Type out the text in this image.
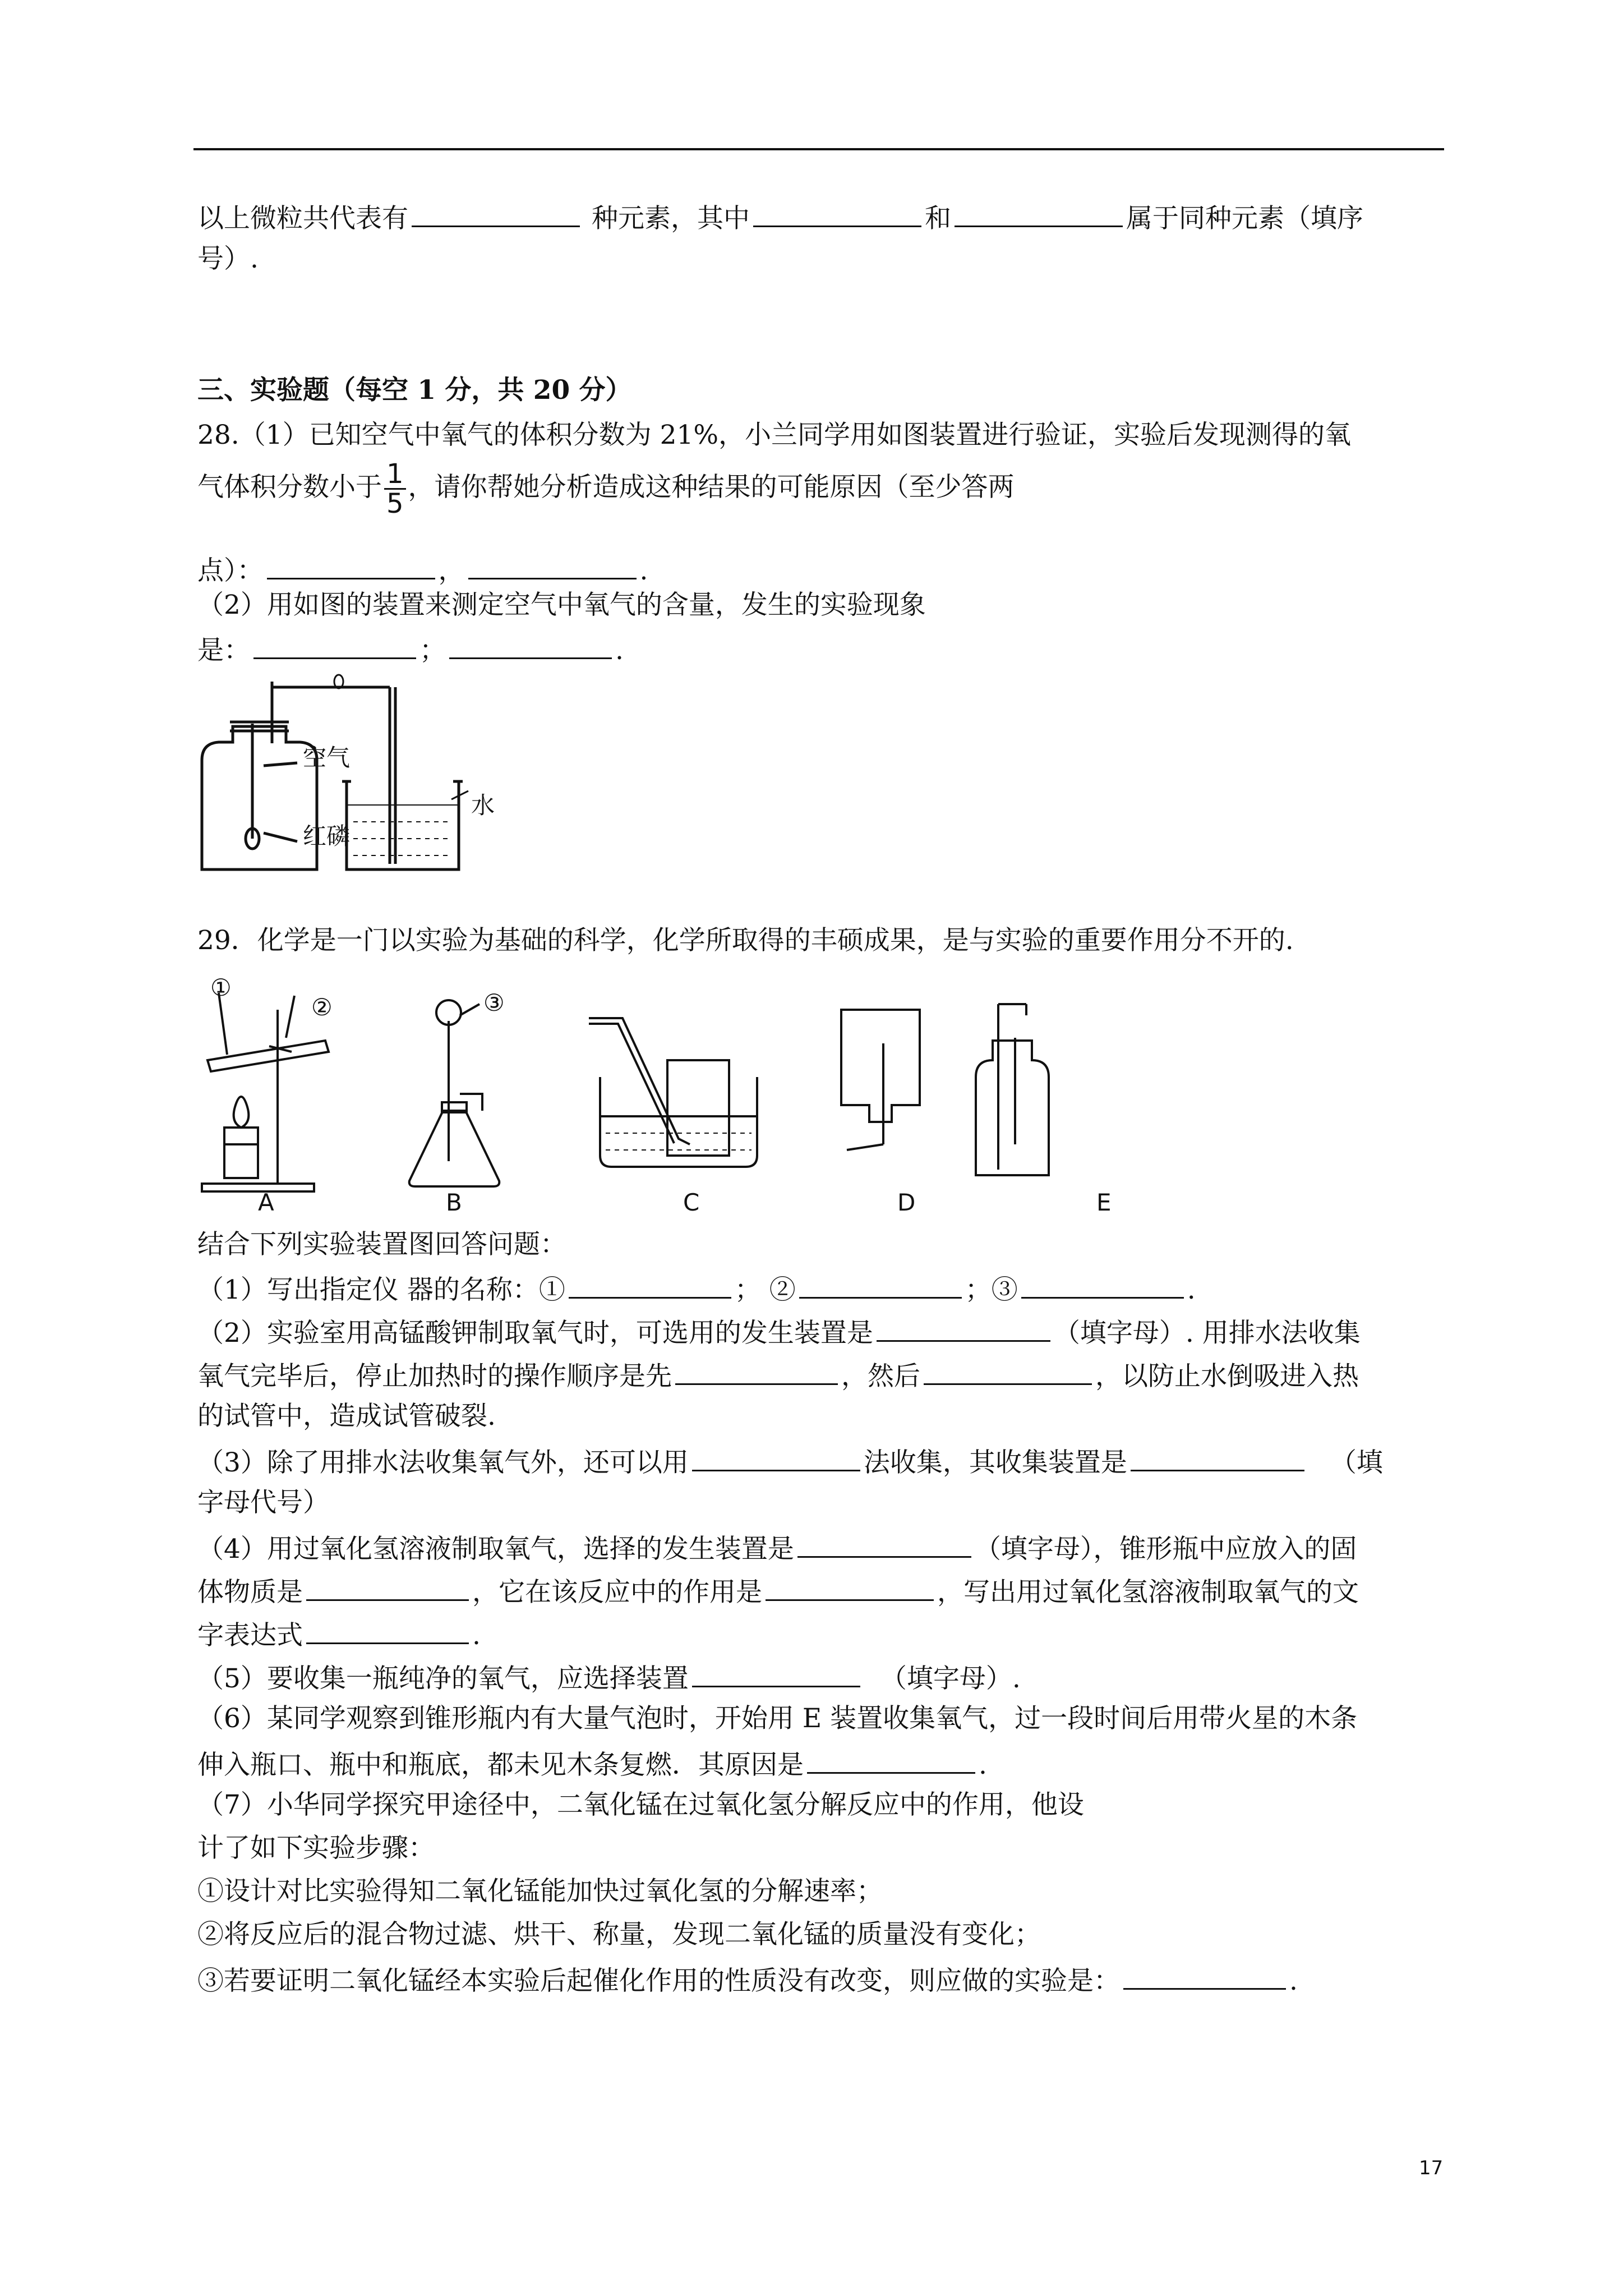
以上微粒共代表有	种元素，其中	和	属于同种元素（填序
号）.
三、实验题（每空 1 分，共 20 分）
28.（1）已知空气中氧气的体积分数为 21%，小兰同学用如图装置进行验证，实验后发现测得的氧
气体积分数小于 $\frac{1}{5}$ ，请你帮她分析造成这种结果的可能原因（至少答两
点）：	，	.
（2）用如图的装置来测定空气中氧气的含量，发生的实验现象
是：	；	.
空气
红磷
水
29．化学是一门以实验为基础的科学，化学所取得的丰硕成果，是与实验的重要作用分不开的.
①
②	③
A	B	C	D	E
结合下列实验装置图回答问题：
（1）写出指定仪 器的名称：①	； ②	；③	.
（2）实验室用高锰酸钾制取氧气时，可选用的发生装置是	（填字母）. 用排水法收集
氧气完毕后，停止加热时的操作顺序是先	，然后	，以防止水倒吸进入热
的试管中，造成试管破裂.
（3）除了用排水法收集氧气外，还可以用	法收集，其收集装置是	（填
字母代号）
（4）用过氧化氢溶液制取氧气，选择的发生装置是	（填字母），锥形瓶中应放入的固
体物质是	，它在该反应中的作用是	，写出用过氧化氢溶液制取氧气的文
字表达式	.
（5）要收集一瓶纯净的氧气，应选择装置	（填字母）.
（6）某同学观察到锥形瓶内有大量气泡时，开始用 E 装置收集氧气，过一段时间后用带火星的木条
伸入瓶口、瓶中和瓶底，都未见木条复燃．其原因是	.
（7）小华同学探究甲途径中，二氧化锰在过氧化氢分解反应中的作用，他设
计了如下实验步骤：
①设计对比实验得知二氧化锰能加快过氧化氢的分解速率；
②将反应后的混合物过滤、烘干、称量，发现二氧化锰的质量没有变化；
③若要证明二氧化锰经本实验后起催化作用的性质没有改变，则应做的实验是：	.
17
